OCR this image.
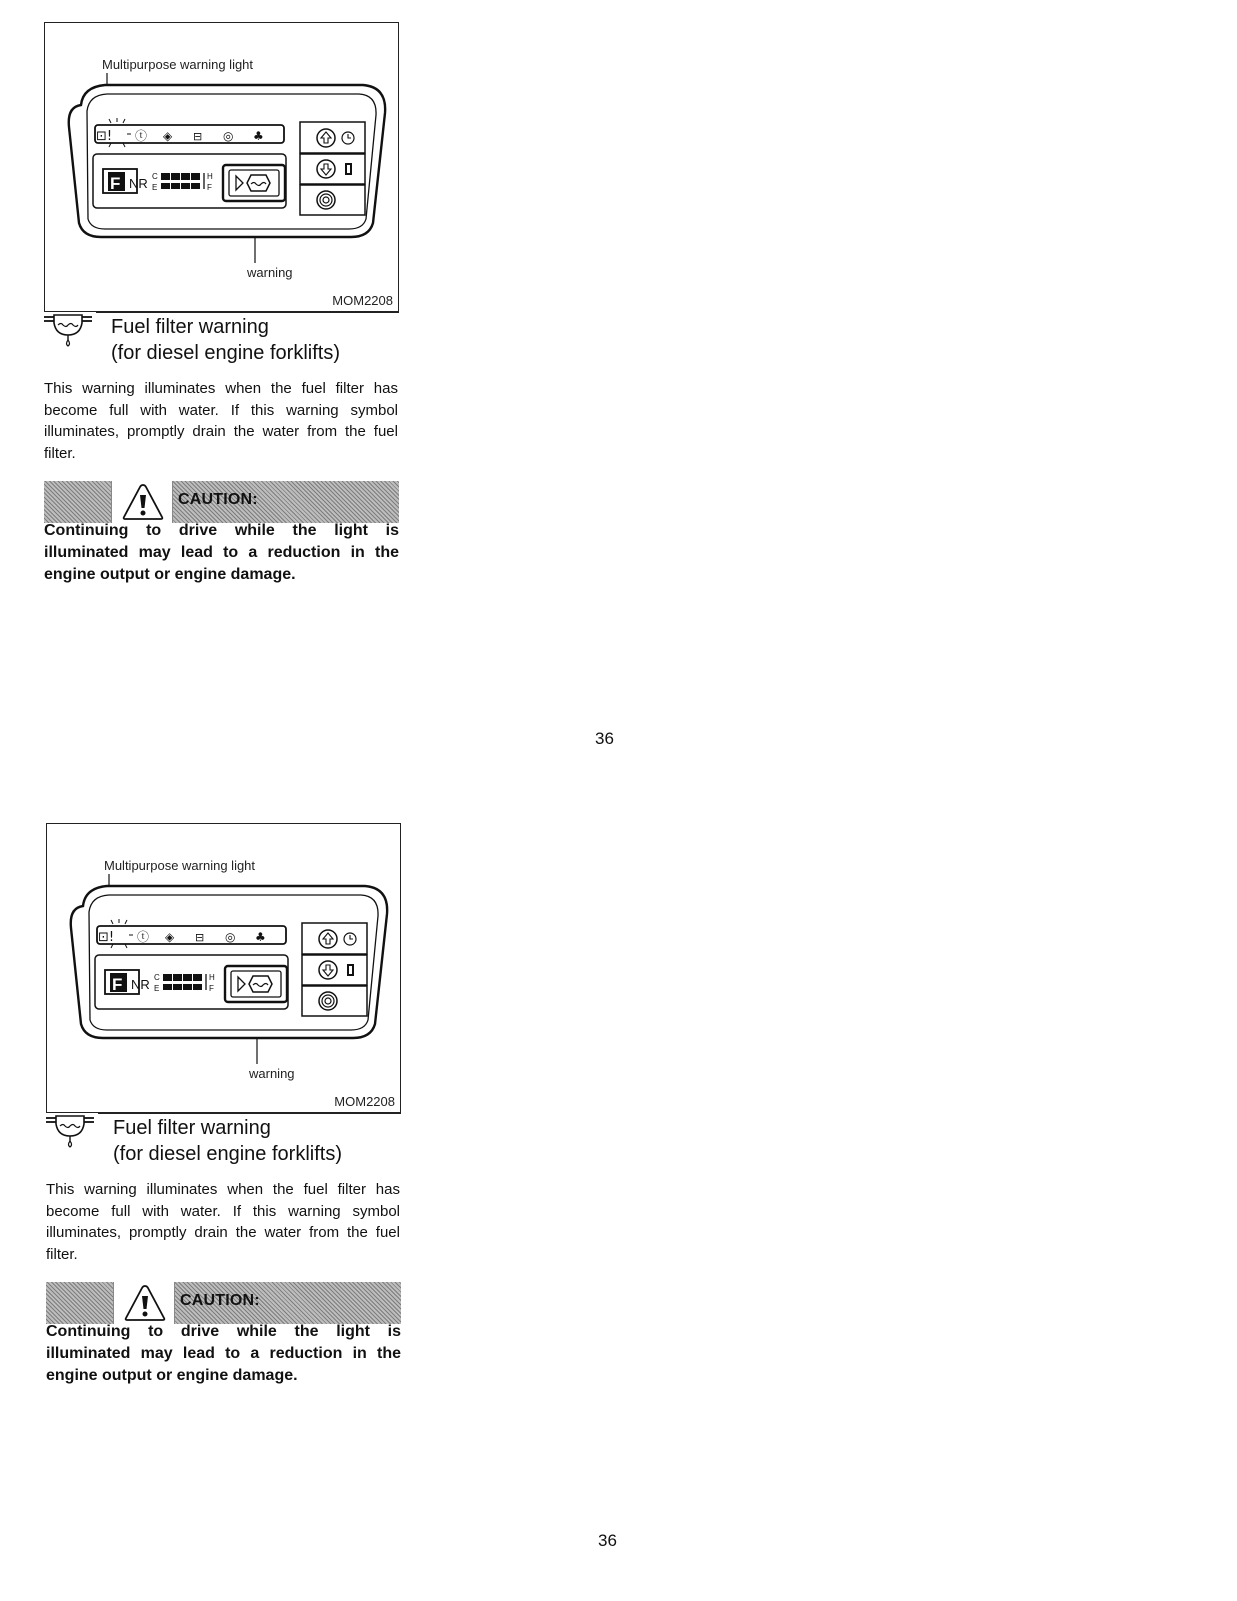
⊡! ⓣ ◈ ⊟ ◎ ♣
F NR C
E
H
F
Multipurpose warning light
warning
MOM2208
Fuel filter warning
(for diesel engine forklifts)
This warning illuminates when the fuel filter has become full with water. If this warning symbol illuminates, promptly drain the water from the fuel filter.
CAUTION:
Continuing to drive while the light is illuminated may lead to a reduction in the engine output or engine damage.
36
⊡! ⓣ ◈ ⊟ ◎ ♣
F NR C
E
H
F
Multipurpose warning light
warning
MOM2208
Fuel filter warning
(for diesel engine forklifts)
This warning illuminates when the fuel filter has become full with water. If this warning symbol illuminates, promptly drain the water from the fuel filter.
CAUTION:
Continuing to drive while the light is illuminated may lead to a reduction in the engine output or engine damage.
36
